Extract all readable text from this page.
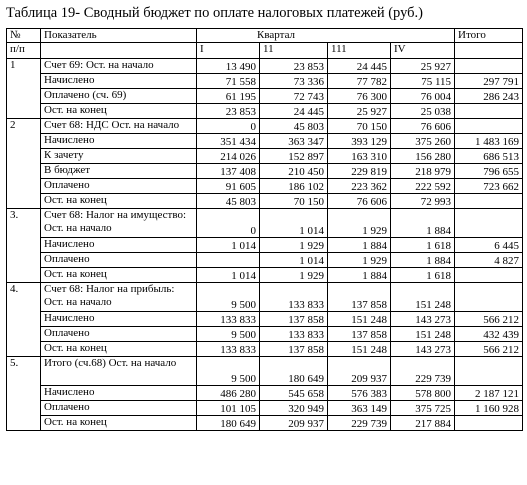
Таблица 19- Сводный бюджет по оплате налоговых платежей (руб.)
№	Показатель	Квартал				Итого
п/п		I	11	111	IV	
1	Счет 69: Ост. на начало	13 490	23 853	24 445	25 927	
	Начислено	71 558	73 336	77 782	75 115	297 791
	Оплачено (сч. 69)	61 195	72 743	76 300	76 004	286 243
	Ост. на конец	23 853	24 445	25 927	25 038	
2	Счет 68: НДС Ост. на начало	0	45 803	70 150	76 606	
	Начислено	351 434	363 347	393 129	375 260	1 483 169
	К зачету	214 026	152 897	163 310	156 280	686 513
	В бюджет	137 408	210 450	229 819	218 979	796 655
	Оплачено	91 605	186 102	223 362	222 592	723 662
	Ост. на конец	45 803	70 150	76 606	72 993	
3.	Счет 68: Налог на имущество: Ост. на начало	0	1 014	1 929	1 884	
	Начислено	1 014	1 929	1 884	1 618	6 445
	Оплачено		1 014	1 929	1 884	4 827
	Ост. на конец	1 014	1 929	1 884	1 618	
4.	Счет 68: Налог на прибыль: Ост. на начало	9 500	133 833	137 858	151 248	
	Начислено	133 833	137 858	151 248	143 273	566 212
	Оплачено	9 500	133 833	137 858	151 248	432 439
	Ост. на конец	133 833	137 858	151 248	143 273	566 212
5.	Итого (сч.68) Ост. на начало	9 500	180 649	209 937	229 739	
	Начислено	486 280	545 658	576 383	578 800	2 187 121
	Оплачено	101 105	320 949	363 149	375 725	1 160 928
	Ост. на конец	180 649	209 937	229 739	217 884	
